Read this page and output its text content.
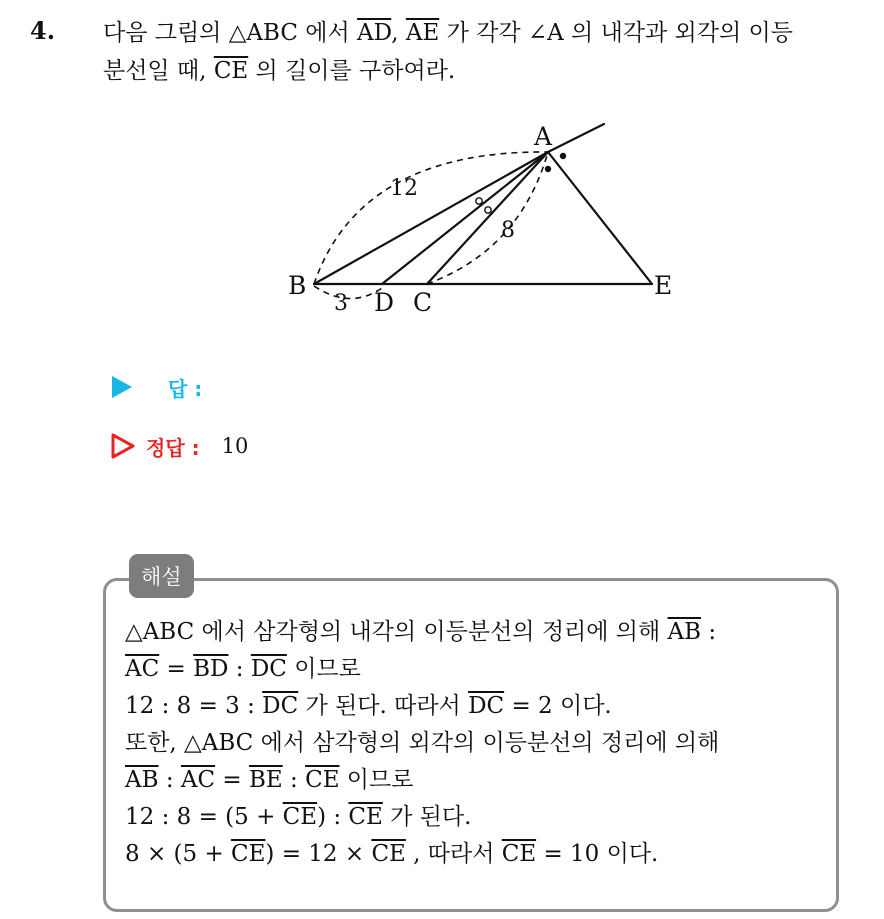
4. 다음 그림의 △ABC 에서 $\overline{AD}$, $\overline{AE}$ 가 각각 ∠A 의 내각과 외각의 이등
분선일 때, $\overline{CE}$ 의 길이를 구하여라.
A
B
D C
E
12
8
3
답 :
정답 : 10
해설
△ABC 에서 삼각형의 내각의 이등분선의 정리에 의해 $\overline{AB}$ :
$\overline{AC} = \overline{BD}$ : $\overline{DC}$ 이므로
12 : 8 = 3 : $\overline{DC}$ 가 된다. 따라서 $\overline{DC} = 2$ 이다.
또한, △ABC 에서 삼각형의 외각의 이등분선의 정리에 의해
$\overline{AB}$ : $\overline{AC} = \overline{BE}$ : $\overline{CE}$ 이므로
12 : $8 = (5 + \overline{CE})$ : $\overline{CE}$ 가 된다.
$8 \times (5 + \overline{CE}) = 12 \times \overline{CE}$ , 따라서 $\overline{CE} = 10$ 이다.
